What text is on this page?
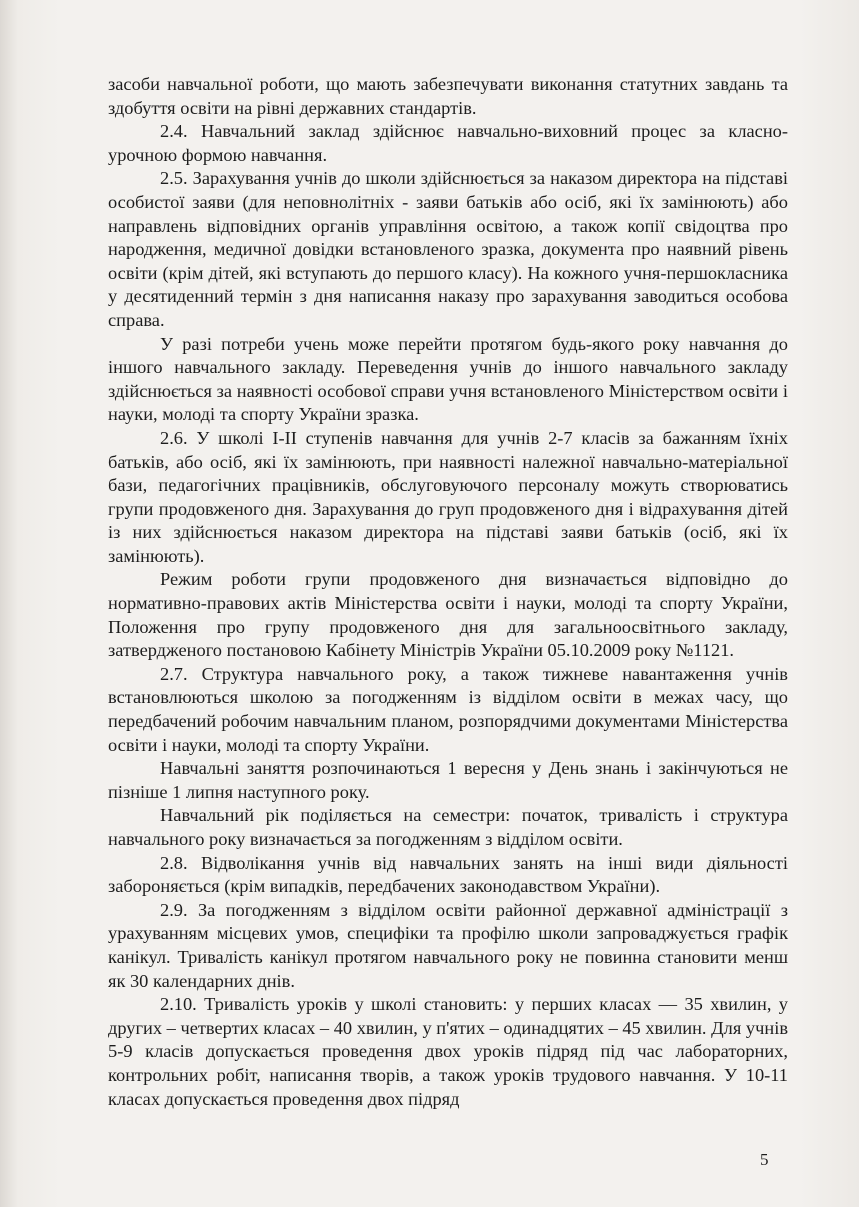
засоби навчальної роботи, що мають забезпечувати виконання статутних завдань та здобуття освіти на рівні державних стандартів.

2.4. Навчальний заклад здійснює навчально-виховний процес за класно- урочною формою навчання.

2.5. Зарахування учнів до школи здійснюється за наказом директора на підставі особистої заяви (для неповнолітніх - заяви батьків або осіб, які їх замінюють) або направлень відповідних органів управління освітою, а також копії свідоцтва про народження, медичної довідки встановленого зразка, документа про наявний рівень освіти (крім дітей, які вступають до першого класу). На кожного учня-першокласника у десятиденний термін з дня написання наказу про зарахування заводиться особова справа.

У разі потреби учень може перейти протягом будь-якого року навчання до іншого навчального закладу. Переведення учнів до іншого навчального закладу здійснюється за наявності особової справи учня встановленого Міністерством освіти і науки, молоді та спорту України зразка.

2.6. У школі І-ІІ ступенів навчання для учнів 2-7 класів за бажанням їхніх батьків, або осіб, які їх замінюють, при наявності належної навчально-матеріальної бази, педагогічних працівників, обслуговуючого персоналу можуть створюватись групи продовженого дня. Зарахування до груп продовженого дня і відрахування дітей із них здійснюється наказом директора на підставі заяви батьків (осіб, які їх замінюють).

Режим роботи групи продовженого дня визначається відповідно до нормативно-правових актів Міністерства освіти і науки, молоді та спорту України, Положення про групу продовженого дня для загальноосвітнього закладу, затвердженого постановою Кабінету Міністрів України 05.10.2009 року №1121.

2.7. Структура навчального року, а також тижневе навантаження учнів встановлюються школою за погодженням із відділом освіти в межах часу, що передбачений робочим навчальним планом, розпорядчими документами Міністерства освіти і науки, молоді та спорту України.

Навчальні заняття розпочинаються 1 вересня у День знань і закінчуються не пізніше 1 липня наступного року.

Навчальний рік поділяється на семестри: початок, тривалість і структура навчального року визначається за погодженням з відділом освіти.

2.8. Відволікання учнів від навчальних занять на інші види діяльності забороняється (крім випадків, передбачених законодавством України).

2.9. За погодженням з відділом освіти районної державної адміністрації з урахуванням місцевих умов, специфіки та профілю школи запроваджується графік канікул. Тривалість канікул протягом навчального року не повинна становити менш як 30 календарних днів.

2.10. Тривалість уроків у школі становить: у перших класах — 35 хвилин, у других – четвертих класах – 40 хвилин, у п'ятих – одинадцятих – 45 хвилин. Для учнів 5-9 класів допускається проведення двох уроків підряд під час лабораторних, контрольних робіт, написання творів, а також уроків трудового навчання. У 10-11 класах допускається проведення двох підряд

5
